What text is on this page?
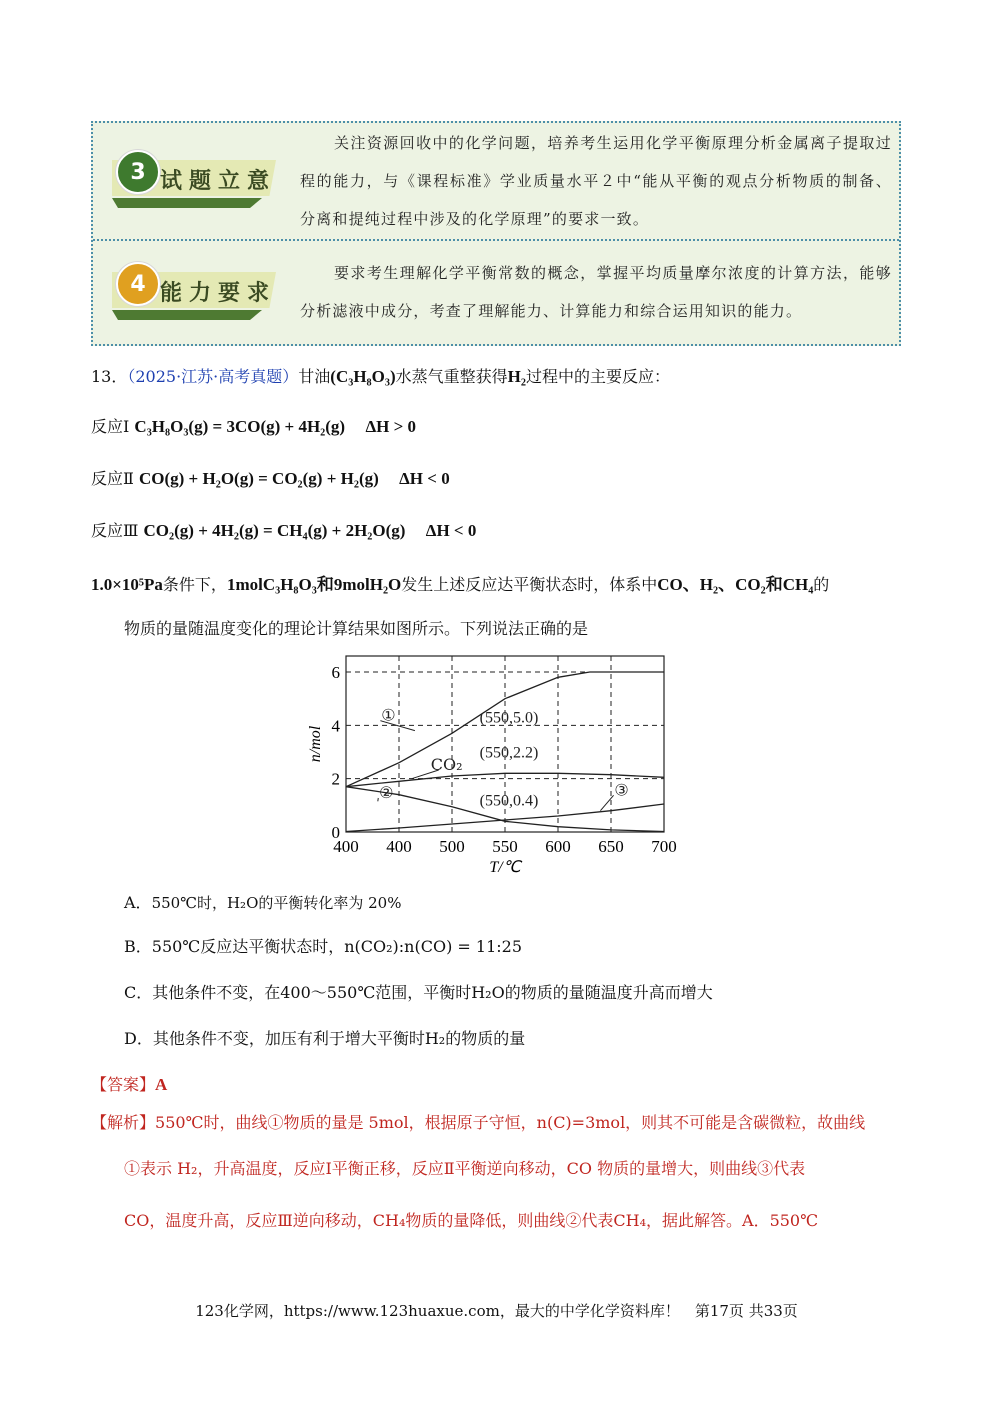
3 试题立意
关注资源回收中的化学问题，培养考生运用化学平衡原理分析金属离子提取过程的能力，与《课程标准》学业质量水平２中“能从平衡的观点分析物质的制备、分离和提纯过程中涉及的化学原理”的要求一致。
4 能力要求
要求考生理解化学平衡常数的概念，掌握平均质量摩尔浓度的计算方法，能够分析滤液中成分，考查了理解能力、计算能力和综合运用知识的能力。
13．（2025·江苏·高考真题）甘油(C₃H₈O₃)水蒸气重整获得H₂过程中的主要反应：
反应Ⅰ C₃H₈O₃(g) = 3CO(g) + 4H₂(g) ΔH > 0
反应Ⅱ CO(g) + H₂O(g) = CO₂(g) + H₂(g) ΔH < 0
反应Ⅲ CO₂(g) + 4H₂(g) = CH₄(g) + 2H₂O(g) ΔH < 0
1.0×10⁵Pa条件下，1molC₃H₈O₃和9molH₂O发生上述反应达平衡状态时，体系中CO、H₂、CO₂和CH₄的
物质的量随温度变化的理论计算结果如图所示。下列说法正确的是
400 400 500 550 600 650 700
0
2
4
6
T/℃
n/mol
①
CO₂
②	③
(550,5.0)
(550,2.2)
(550,0.4)
A．550℃时，H₂O的平衡转化率为 20%
B．550℃反应达平衡状态时，n(CO₂):n(CO) = 11:25
C．其他条件不变，在400～550℃范围，平衡时H₂O的物质的量随温度升高而增大
D．其他条件不变，加压有利于增大平衡时H₂的物质的量
【答案】A
【解析】550℃时，曲线①物质的量是 5mol，根据原子守恒，n(C)=3mol，则其不可能是含碳微粒，故曲线
①表示 H₂，升高温度，反应Ⅰ平衡正移，反应Ⅱ平衡逆向移动，CO 物质的量增大，则曲线③代表
CO，温度升高，反应Ⅲ逆向移动，CH₄物质的量降低，则曲线②代表CH₄，据此解答。A．550℃
123化学网，https://www.123huaxue.com，最大的中学化学资料库！　第17页 共33页
